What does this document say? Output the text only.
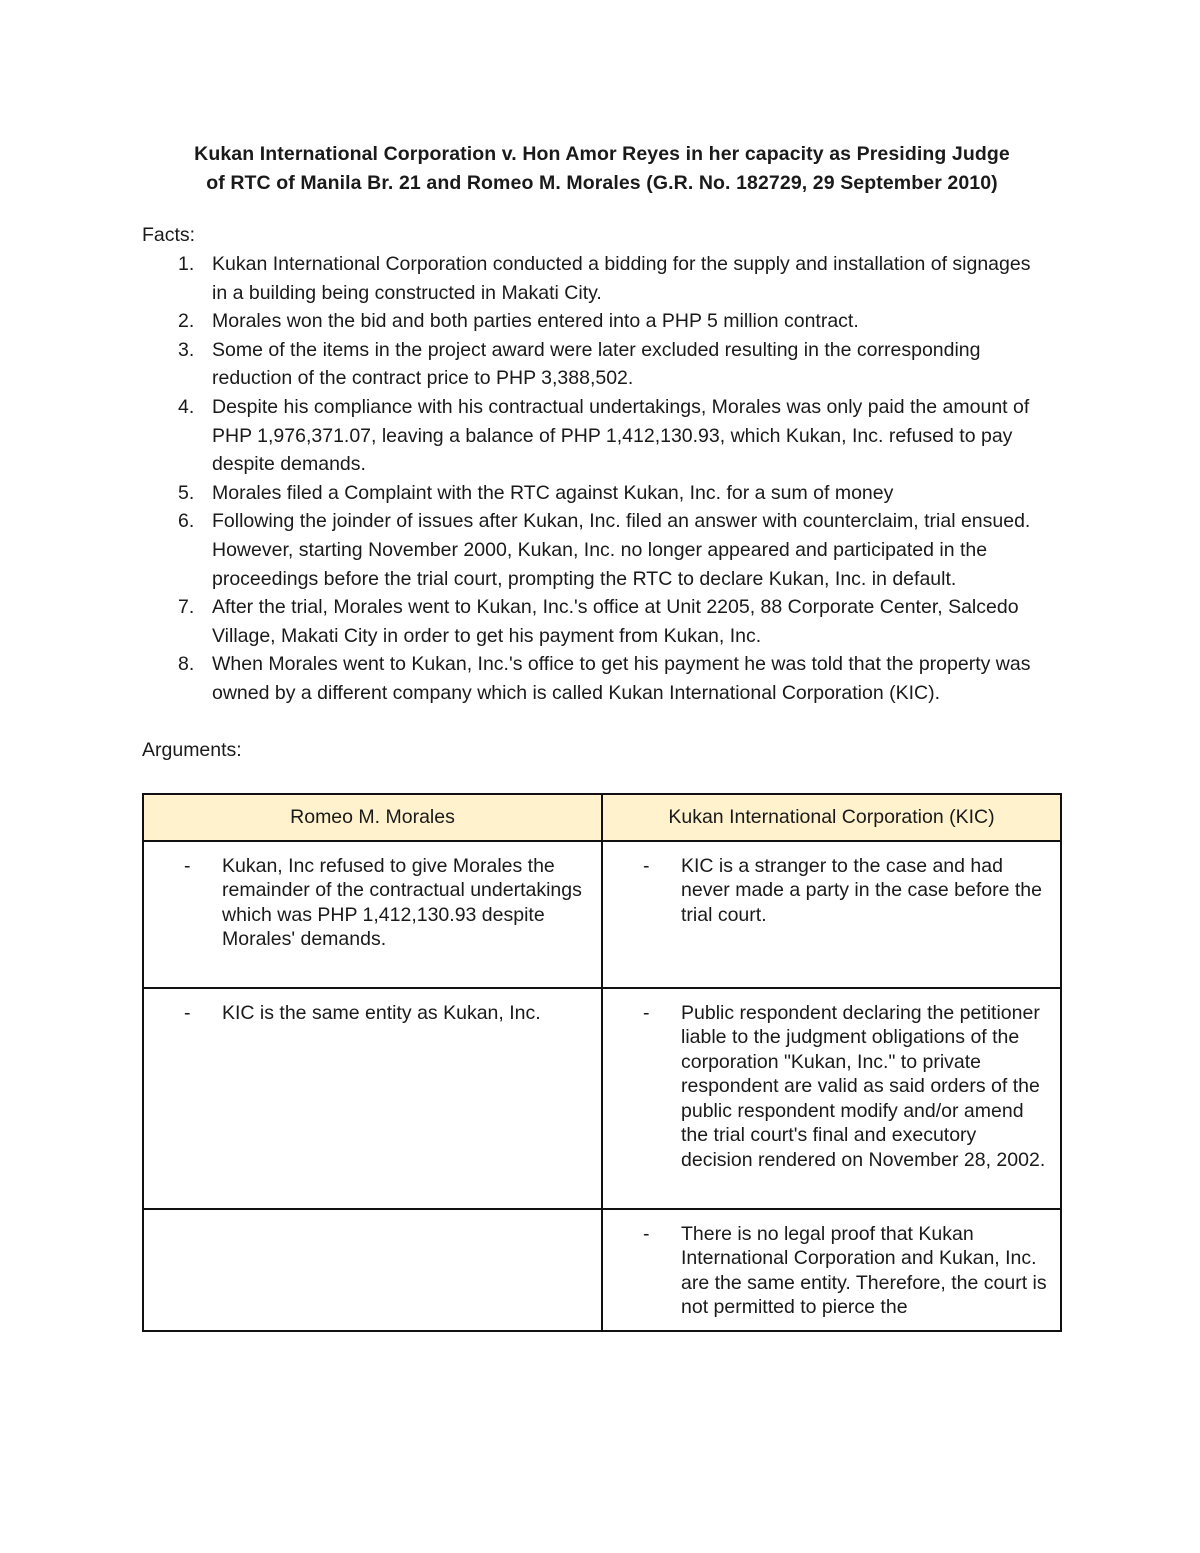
Kukan International Corporation v. Hon Amor Reyes in her capacity as Presiding Judge
of RTC of Manila Br. 21 and Romeo M. Morales (G.R. No. 182729, 29 September 2010)

Facts:

1. Kukan International Corporation conducted a bidding for the supply and installation of signages in a building being constructed in Makati City.
2. Morales won the bid and both parties entered into a PHP 5 million contract.
3. Some of the items in the project award were later excluded resulting in the corresponding reduction of the contract price to PHP 3,388,502.
4. Despite his compliance with his contractual undertakings, Morales was only paid the amount of PHP 1,976,371.07, leaving a balance of PHP 1,412,130.93, which Kukan, Inc. refused to pay despite demands.
5. Morales filed a Complaint with the RTC against Kukan, Inc. for a sum of money
6. Following the joinder of issues after Kukan, Inc. filed an answer with counterclaim, trial ensued. However, starting November 2000, Kukan, Inc. no longer appeared and participated in the proceedings before the trial court, prompting the RTC to declare Kukan, Inc. in default.
7. After the trial, Morales went to Kukan, Inc.'s office at Unit 2205, 88 Corporate Center, Salcedo Village, Makati City in order to get his payment from Kukan, Inc.
8. When Morales went to Kukan, Inc.'s office to get his payment he was told that the property was owned by a different company which is called Kukan International Corporation (KIC).

Arguments:

Romeo M. Morales	Kukan International Corporation (KIC)

- Kukan, Inc refused to give Morales the remainder of the contractual undertakings which was PHP 1,412,130.93 despite Morales' demands.	- KIC is a stranger to the case and had never made a party in the case before the trial court.

- KIC is the same entity as Kukan, Inc.	- Public respondent declaring the petitioner liable to the judgment obligations of the corporation "Kukan, Inc." to private respondent are valid as said orders of the public respondent modify and/or amend the trial court's final and executory decision rendered on November 28, 2002.

	- There is no legal proof that Kukan International Corporation and Kukan, Inc. are the same entity. Therefore, the court is not permitted to pierce the
